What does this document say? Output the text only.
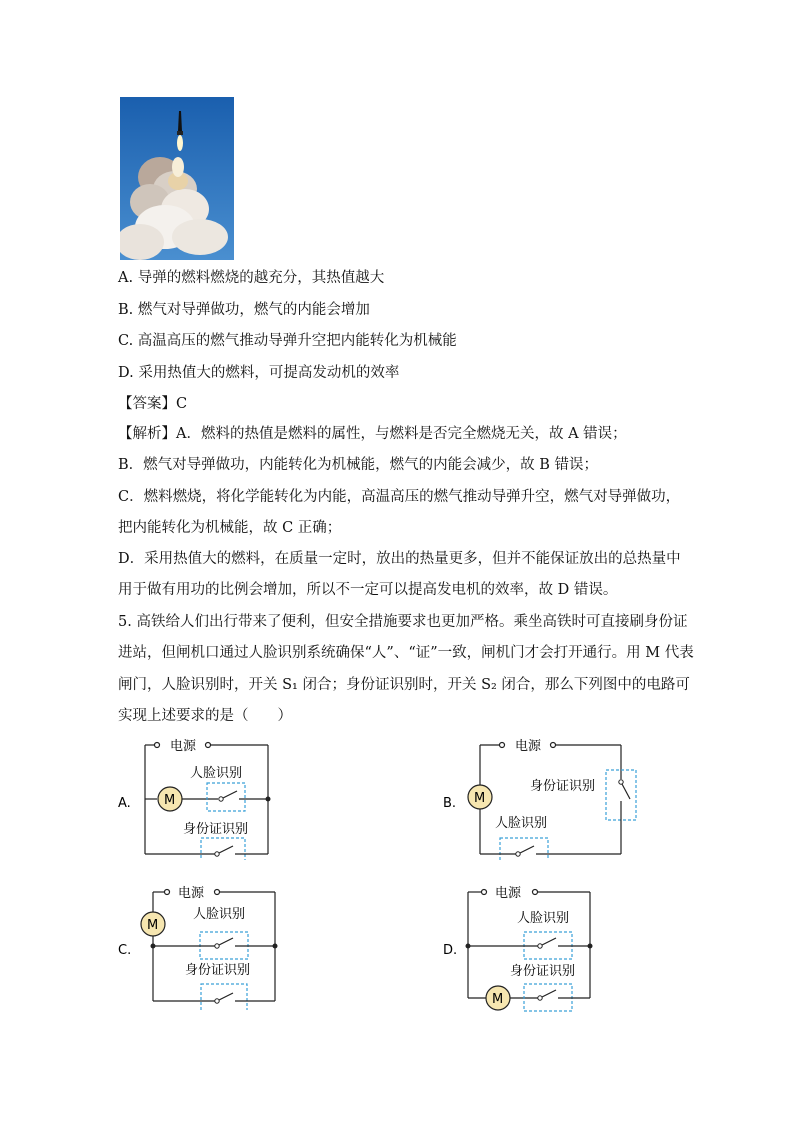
A. 导弹的燃料燃烧的越充分，其热值越大
B. 燃气对导弹做功，燃气的内能会增加
C. 高温高压的燃气推动导弹升空把内能转化为机械能
D. 采用热值大的燃料，可提高发动机的效率
【答案】C
【解析】A．燃料的热值是燃料的属性，与燃料是否完全燃烧无关，故 A 错误；
B．燃气对导弹做功，内能转化为机械能，燃气的内能会减少，故 B 错误；
C．燃料燃烧，将化学能转化为内能，高温高压的燃气推动导弹升空，燃气对导弹做功，
把内能转化为机械能，故 C 正确；
D．采用热值大的燃料，在质量一定时，放出的热量更多，但并不能保证放出的总热量中
用于做有用功的比例会增加，所以不一定可以提高发电机的效率，故 D 错误。
5. 高铁给人们出行带来了便利，但安全措施要求也更加严格。乘坐高铁时可直接刷身份证
进站，但闸机口通过人脸识别系统确保“人”、“证”一致，闸机门才会打开通行。用 M 代表
闸门，人脸识别时，开关 S₁ 闭合；身份证识别时，开关 S₂ 闭合，那么下列图中的电路可
实现上述要求的是（　　）
A.
电源
M
人脸识别
身份证识别
B.
电源
M
身份证识别
人脸识别
C.
电源
M
人脸识别
身份证识别
D.
电源
人脸识别
身份证识别
M
